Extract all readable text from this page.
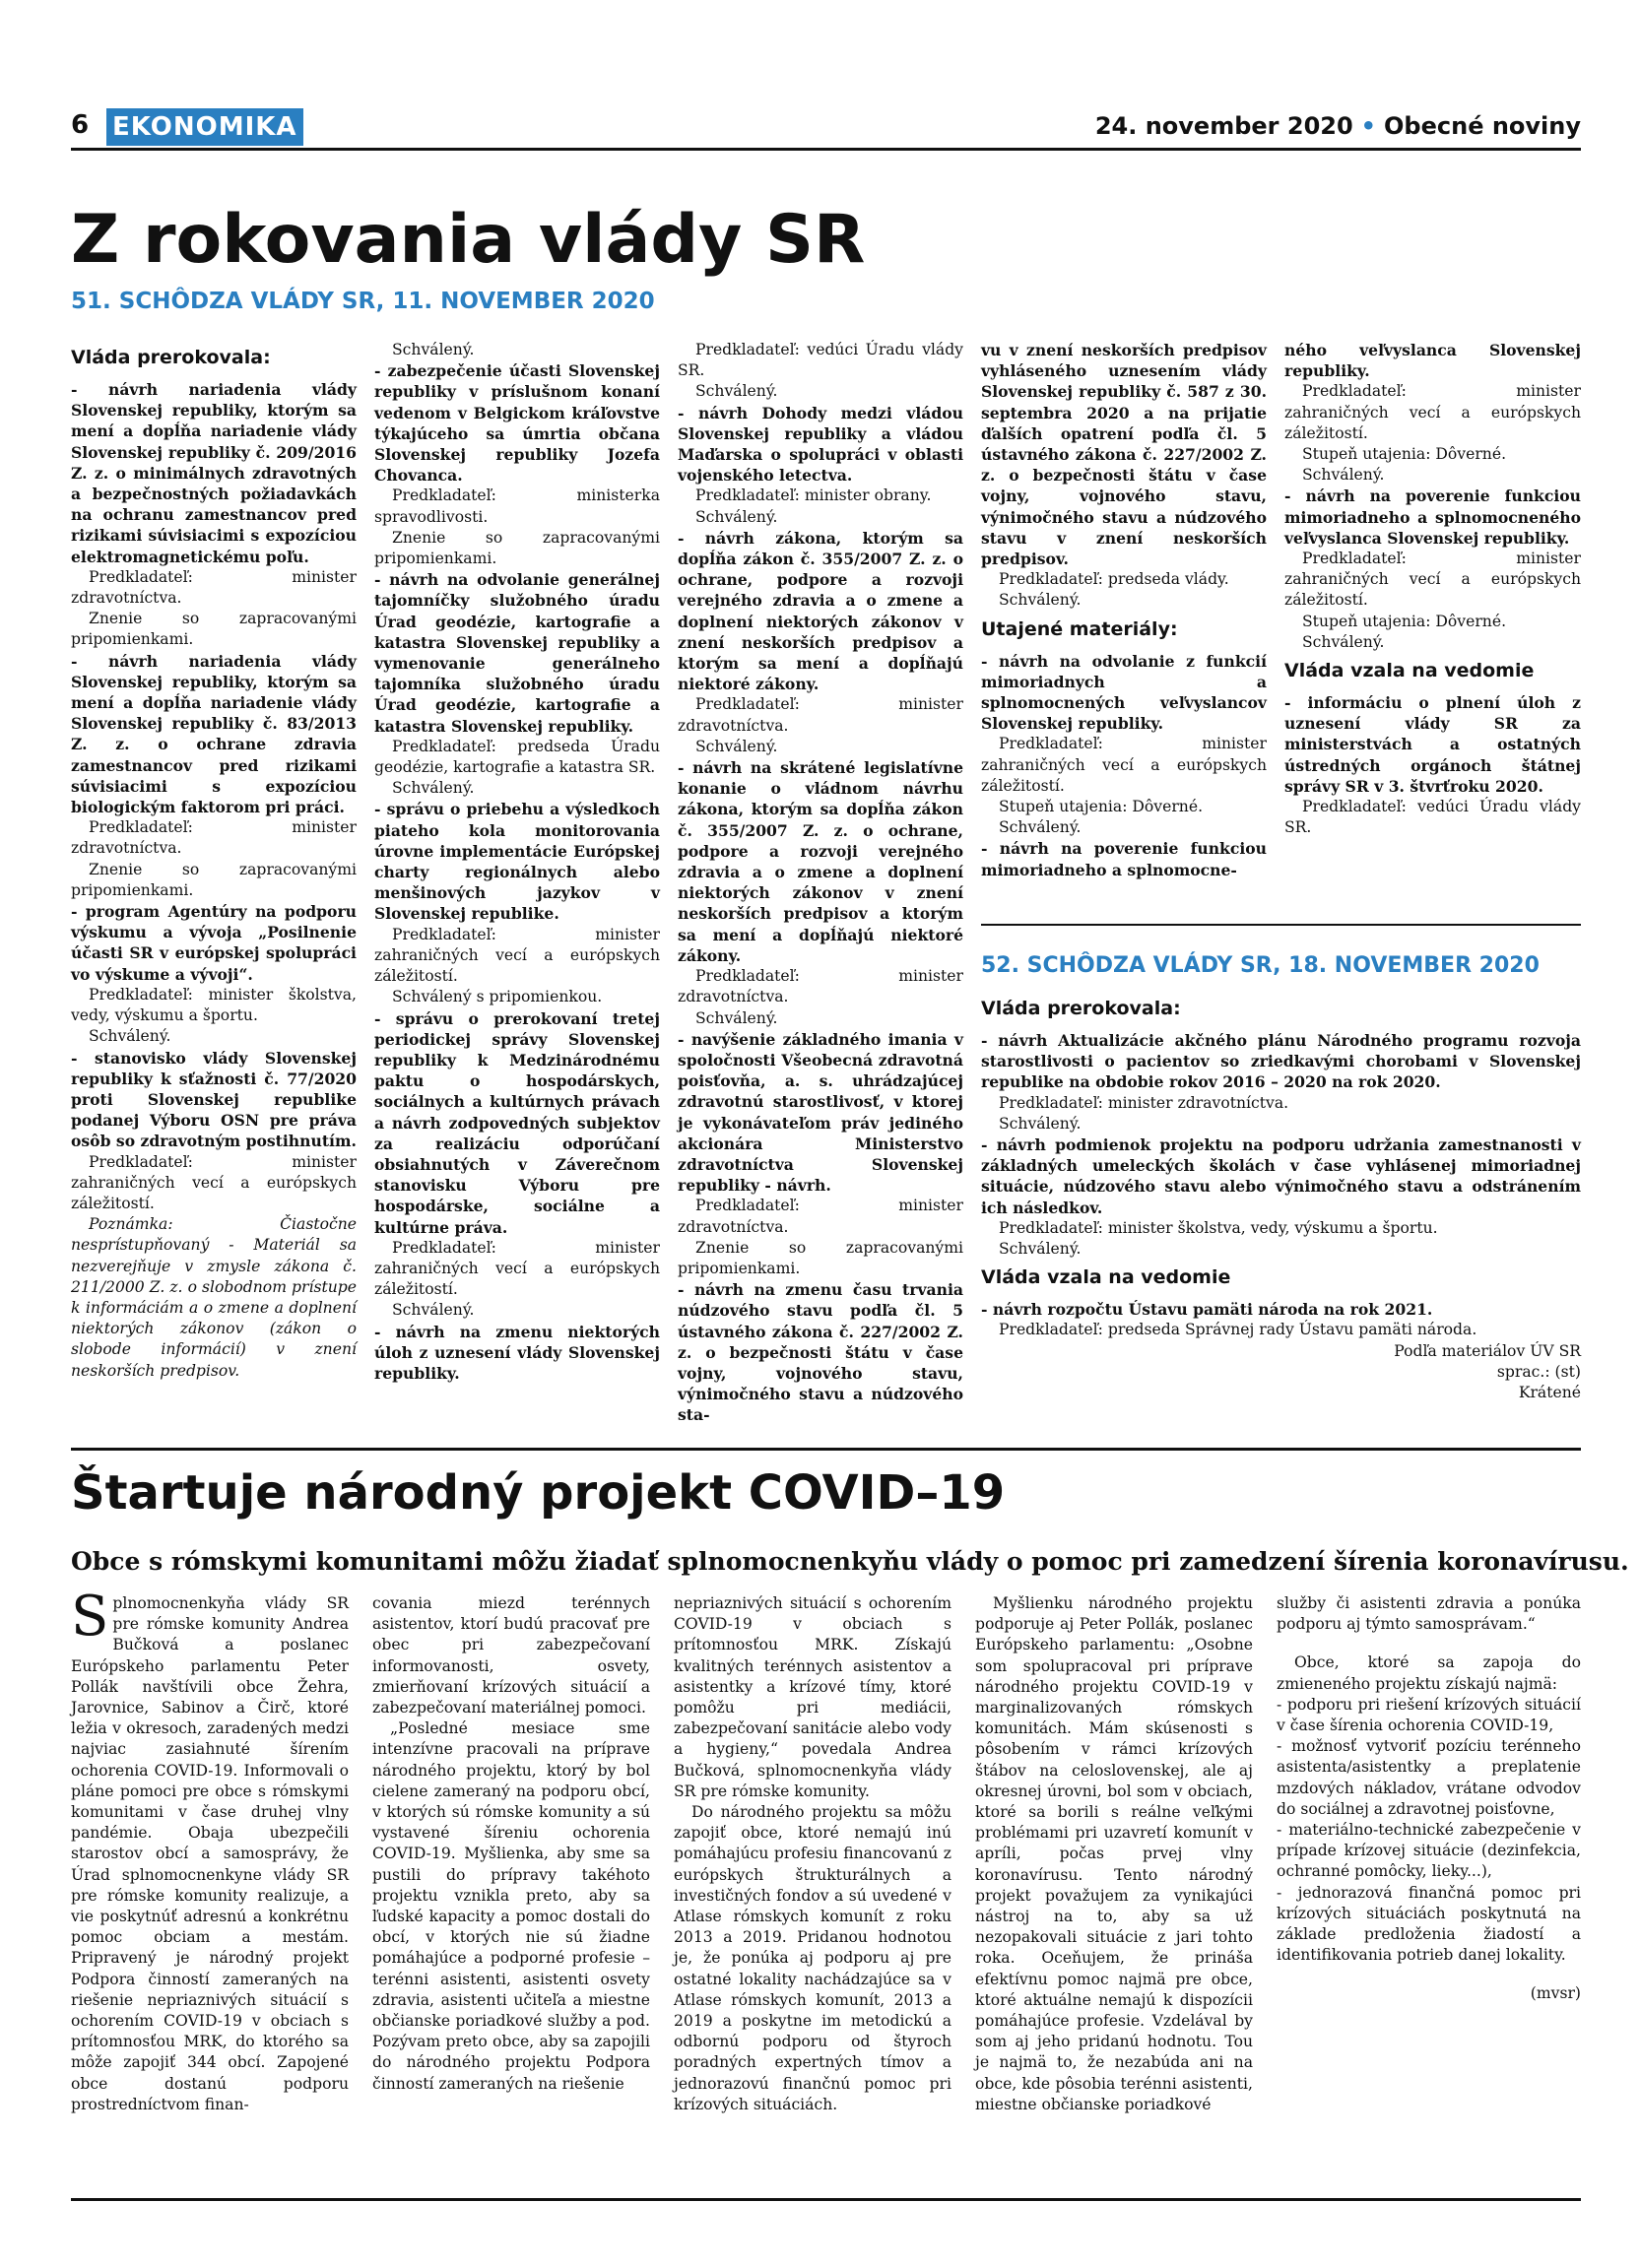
6 EKONOMIKA	24. november 2020 • Obecné noviny
Z rokovania vlády SR
51. SCHÔDZA VLÁDY SR, 11. NOVEMBER 2020
Vláda prerokovala:

- návrh nariadenia vlády Slovenskej republiky, ktorým sa mení a dopĺňa nariadenie vlády Slovenskej republiky č. 209/2016 Z. z. o minimálnych zdravotných a bezpečnostných požiadavkách na ochranu zamestnancov pred rizikami súvisiacimi s expozíciou elektromagnetickému poľu.

Predkladateľ: minister zdravotníctva.

Znenie so zapracovanými pripomienkami.

- návrh nariadenia vlády Slovenskej republiky, ktorým sa mení a dopĺňa nariadenie vlády Slovenskej republiky č. 83/2013 Z. z. o ochrane zdravia zamestnancov pred rizikami súvisiacimi s expozíciou biologickým faktorom pri práci.

Predkladateľ: minister zdravotníctva.

Znenie so zapracovanými pripomienkami.

- program Agentúry na podporu výskumu a vývoja „Posilnenie účasti SR v európskej spolupráci vo výskume a vývoji“.

Predkladateľ: minister školstva, vedy, výskumu a športu.

Schválený.

- stanovisko vlády Slovenskej republiky k sťažnosti č. 77/2020 proti Slovenskej republike podanej Výboru OSN pre práva osôb so zdravotným postihnutím.

Predkladateľ: minister zahraničných vecí a európskych záležitostí.

Poznámka: Čiastočne nesprístupňovaný - Materiál sa nezverejňuje v zmysle zákona č. 211/2000 Z. z. o slobodnom prístupe k informáciám a o zmene a doplnení niektorých zákonov (zákon o slobode informácií) v znení neskorších predpisov.

Schválený.

- zabezpečenie účasti Slovenskej republiky v príslušnom konaní vedenom v Belgickom kráľovstve týkajúceho sa úmrtia občana Slovenskej republiky Jozefa Chovanca.

Predkladateľ: ministerka spravodlivosti.

Znenie so zapracovanými pripomienkami.

- návrh na odvolanie generálnej tajomníčky služobného úradu Úrad geodézie, kartografie a katastra Slovenskej republiky a vymenovanie generálneho tajomníka služobného úradu Úrad geodézie, kartografie a katastra Slovenskej republiky.

Predkladateľ: predseda Úradu geodézie, kartografie a katastra SR.

Schválený.

- správu o priebehu a výsledkoch piateho kola monitorovania úrovne implementácie Európskej charty regionálnych alebo menšinových jazykov v Slovenskej republike.

Predkladateľ: minister zahraničných vecí a európskych záležitostí.

Schválený s pripomienkou.

- správu o prerokovaní tretej periodickej správy Slovenskej republiky k Medzinárodnému paktu o hospodárskych, sociálnych a kultúrnych právach a návrh zodpovedných subjektov za realizáciu odporúčaní obsiahnutých v Záverečnom stanovisku Výboru pre hospodárske, sociálne a kultúrne práva.

Predkladateľ: minister zahraničných vecí a európskych záležitostí.

Schválený.

- návrh na zmenu niektorých úloh z uznesení vlády Slovenskej republiky.

Predkladateľ: vedúci Úradu vlády SR.

Schválený.

- návrh Dohody medzi vládou Slovenskej republiky a vládou Maďarska o spolupráci v oblasti vojenského letectva.

Predkladateľ: minister obrany.

Schválený.

- návrh zákona, ktorým sa dopĺňa zákon č. 355/2007 Z. z. o ochrane, podpore a rozvoji verejného zdravia a o zmene a doplnení niektorých zákonov v znení neskorších predpisov a ktorým sa mení a dopĺňajú niektoré zákony.

Predkladateľ: minister zdravotníctva.

Schválený.

- návrh na skrátené legislatívne konanie o vládnom návrhu zákona, ktorým sa dopĺňa zákon č. 355/2007 Z. z. o ochrane, podpore a rozvoji verejného zdravia a o zmene a doplnení niektorých zákonov v znení neskorších predpisov a ktorým sa mení a dopĺňajú niektoré zákony.

Predkladateľ: minister zdravotníctva.

Schválený.

- navýšenie základného imania v spoločnosti Všeobecná zdravotná poisťovňa, a. s. uhrádzajúcej zdravotnú starostlivosť, v ktorej je vykonávateľom práv jediného akcionára Ministerstvo zdravotníctva Slovenskej republiky - návrh.

Predkladateľ: minister zdravotníctva.

Znenie so zapracovanými pripomienkami.

- návrh na zmenu času trvania núdzového stavu podľa čl. 5 ústavného zákona č. 227/2002 Z. z. o bezpečnosti štátu v čase vojny, vojnového stavu, výnimočného stavu a núdzového sta-

vu v znení neskorších predpisov vyhláseného uznesením vlády Slovenskej republiky č. 587 z 30. septembra 2020 a na prijatie ďalších opatrení podľa čl. 5 ústavného zákona č. 227/2002 Z. z. o bezpečnosti štátu v čase vojny, vojnového stavu, výnimočného stavu a núdzového stavu v znení neskorších predpisov.

Predkladateľ: predseda vlády.

Schválený.

Utajené materiály:

- návrh na odvolanie z funkcií mimoriadnych a splnomocnených veľvyslancov Slovenskej republiky.

Predkladateľ: minister zahraničných vecí a európskych záležitostí.

Stupeň utajenia: Dôverné.

Schválený.

- návrh na poverenie funkciou mimoriadneho a splnomocne-

ného veľvyslanca Slovenskej republiky.

Predkladateľ: minister zahraničných vecí a európskych záležitostí.

Stupeň utajenia: Dôverné.

Schválený.

- návrh na poverenie funkciou mimoriadneho a splnomocneného veľvyslanca Slovenskej republiky.

Predkladateľ: minister zahraničných vecí a európskych záležitostí.

Stupeň utajenia: Dôverné.

Schválený.

Vláda vzala na vedomie

- informáciu o plnení úloh z uznesení vlády SR za ministerstvách a ostatných ústredných orgánoch štátnej správy SR v 3. štvrťroku 2020.

Predkladateľ: vedúci Úradu vlády SR.

52. SCHÔDZA VLÁDY SR, 18. NOVEMBER 2020
Vláda prerokovala:

- návrh Aktualizácie akčného plánu Národného programu rozvoja starostlivosti o pacientov so zriedkavými chorobami v Slovenskej republike na obdobie rokov 2016 – 2020 na rok 2020.

Predkladateľ: minister zdravotníctva.

Schválený.

- návrh podmienok projektu na podporu udržania zamestnanosti v základných umeleckých školách v čase vyhlásenej mimoriadnej situácie, núdzového stavu alebo výnimočného stavu a odstránením ich následkov.

Predkladateľ: minister školstva, vedy, výskumu a športu.

Schválený.

Vláda vzala na vedomie

- návrh rozpočtu Ústavu pamäti národa na rok 2021.

Predkladateľ: predseda Správnej rady Ústavu pamäti národa.

Podľa materiálov ÚV SR

sprac.: (st)

Krátené

Štartuje národný projekt COVID–19
Obce s rómskymi komunitami môžu žiadať splnomocnenkyňu vlády o pomoc pri zamedzení šírenia koronavírusu.

Splnomocnenkyňa vlády SR pre rómske komunity Andrea Bučková a poslanec Európskeho parlamentu Peter Pollák navštívili obce Žehra, Jarovnice, Sabinov a Čirč, ktoré ležia v okresoch, zaradených medzi najviac zasiahnuté šírením ochorenia COVID-19. Informovali o pláne pomoci pre obce s rómskymi komunitami v čase druhej vlny pandémie. Obaja ubezpečili starostov obcí a samosprávy, že Úrad splnomocnenkyne vlády SR pre rómske komunity realizuje, a vie poskytnúť adresnú a konkrétnu pomoc obciam a mestám. Pripravený je národný projekt Podpora činností zameraných na riešenie nepriaznivých situácií s ochorením COVID-19 v obciach s prítomnosťou MRK, do ktorého sa môže zapojiť 344 obcí. Zapojené obce dostanú podporu prostredníctvom finan-

covania miezd terénnych asistentov, ktorí budú pracovať pre obec pri zabezpečovaní informovanosti, osvety, zmierňovaní krízových situácií a zabezpečovaní materiálnej pomoci.

„Posledné mesiace sme intenzívne pracovali na príprave národného projektu, ktorý by bol cielene zameraný na podporu obcí, v ktorých sú rómske komunity a sú vystavené šíreniu ochorenia COVID-19. Myšlienka, aby sme sa pustili do prípravy takéhoto projektu vznikla preto, aby sa ľudské kapacity a pomoc dostali do obcí, v ktorých nie sú žiadne pomáhajúce a podporné profesie – terénni asistenti, asistenti osvety zdravia, asistenti učiteľa a miestne občianske poriadkové služby a pod. Pozývam preto obce, aby sa zapojili do národného projektu Podpora činností zameraných na riešenie

nepriaznivých situácií s ochorením COVID-19 v obciach s prítomnosťou MRK. Získajú kvalitných terénnych asistentov a asistentky a krízové tímy, ktoré pomôžu pri mediácii, zabezpečovaní sanitácie alebo vody a hygieny,“ povedala Andrea Bučková, splnomocnenkyňa vlády SR pre rómske komunity.

Do národného projektu sa môžu zapojiť obce, ktoré nemajú inú pomáhajúcu profesiu financovanú z európskych štrukturálnych a investičných fondov a sú uvedené v Atlase rómskych komunít z roku 2013 a 2019. Pridanou hodnotou je, že ponúka aj podporu aj pre ostatné lokality nachádzajúce sa v Atlase rómskych komunít, 2013 a 2019 a poskytne im metodickú a odbornú podporu od štyroch poradných expertných tímov a jednorazovú finančnú pomoc pri krízových situáciách.

Myšlienku národného projektu podporuje aj Peter Pollák, poslanec Európskeho parlamentu: „Osobne som spolupracoval pri príprave národného projektu COVID-19 v marginalizovaných rómskych komunitách. Mám skúsenosti s pôsobením v rámci krízových štábov na celoslovenskej, ale aj okresnej úrovni, bol som v obciach, ktoré sa borili s reálne veľkými problémami pri uzavretí komunít v apríli, počas prvej vlny koronavírusu. Tento národný projekt považujem za vynikajúci nástroj na to, aby sa už nezopakovali situácie z jari tohto roka. Oceňujem, že prináša efektívnu pomoc najmä pre obce, ktoré aktuálne nemajú k dispozícii pomáhajúce profesie. Vzdelával by som aj jeho pridanú hodnotu. Tou je najmä to, že nezabúda ani na obce, kde pôsobia terénni asistenti, miestne občianske poriadkové

služby či asistenti zdravia a ponúka podporu aj týmto samosprávam.“

Obce, ktoré sa zapoja do zmieneného projektu získajú najmä:

- podporu pri riešení krízových situácií v čase šírenia ochorenia COVID-19,

- možnosť vytvoriť pozíciu terénneho asistenta/asistentky a preplatenie mzdových nákladov, vrátane odvodov do sociálnej a zdravotnej poisťovne,

- materiálno-technické zabezpečenie v prípade krízovej situácie (dezinfekcia, ochranné pomôcky, lieky...),

- jednorazová finančná pomoc pri krízových situáciách poskytnutá na základe predloženia žiadostí a identifikovania potrieb danej lokality.

(mvsr)
